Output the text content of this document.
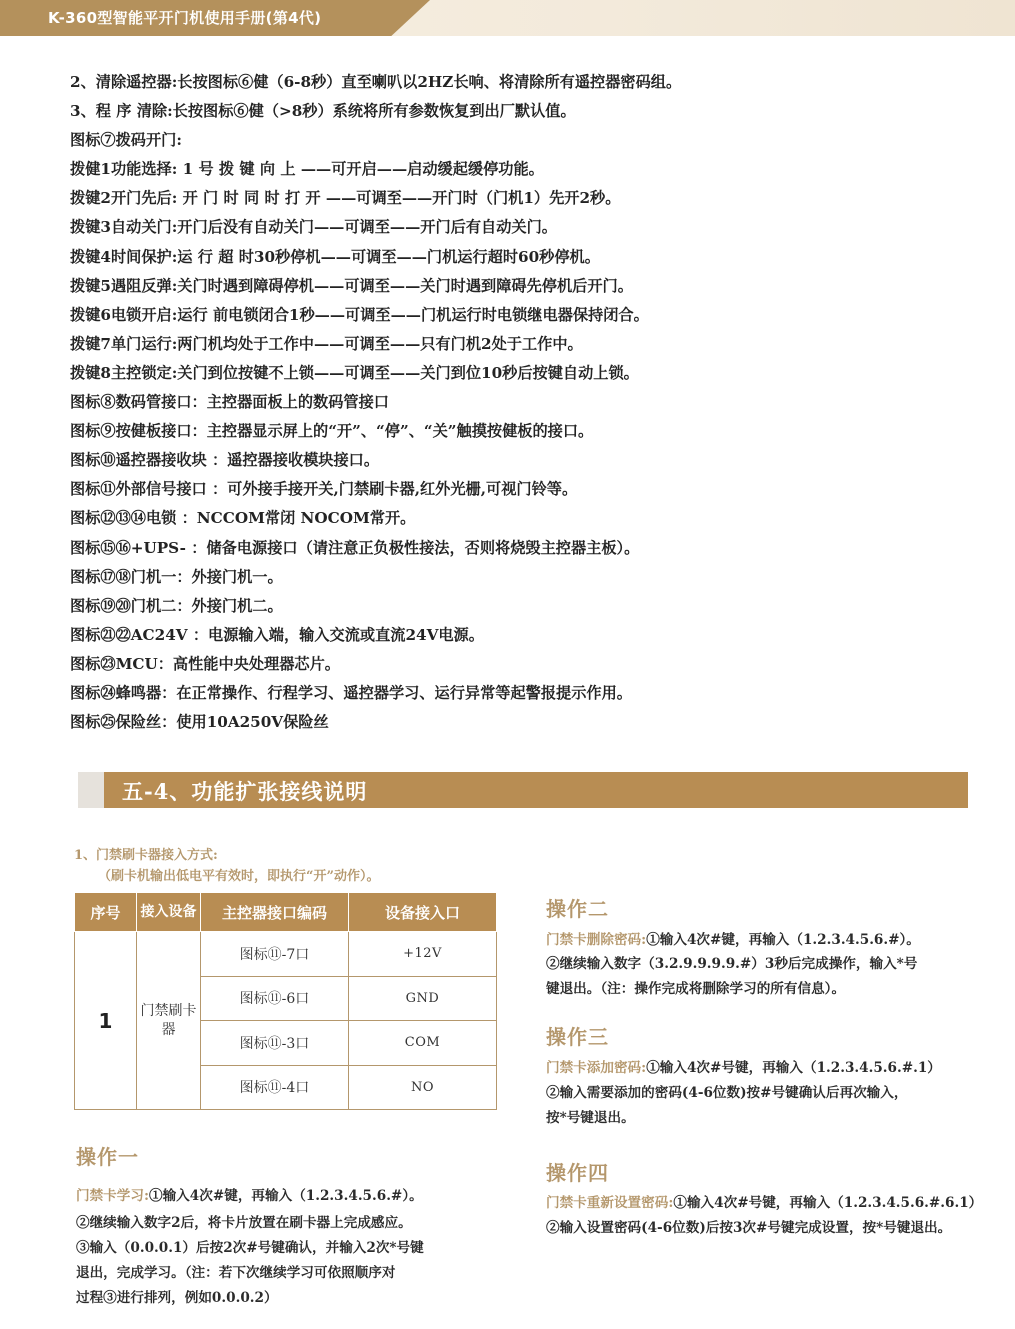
K-360型智能平开门机使用手册(第4代)
2、清除遥控器:长按图标⑥健（6-8秒）直至喇叭以2HZ长响、将清除所有遥控器密码组。
3、程 序 清除:长按图标⑥健（>8秒）系统将所有参数恢复到出厂默认值。
图标⑦拨码开门:
拨健1功能选择: 1 号 拨 键 向 上 ——可开启——启动缓起缓停功能。
拨键2开门先后: 开 门 时 同 时 打 开 ——可调至——开门时（门机1）先开2秒。
拨键3自动关门:开门后没有自动关门——可调至——开门后有自动关门。
拨键4时间保护:运 行 超 时30秒停机——可调至——门机运行超时60秒停机。
拨键5遇阻反弹:关门时遇到障碍停机——可调至——关门时遇到障碍先停机后开门。
拨键6电锁开启:运行 前电锁闭合1秒——可调至——门机运行时电锁继电器保持闭合。
拨键7单门运行:两门机均处于工作中——可调至——只有门机2处于工作中。
拨键8主控锁定:关门到位按键不上锁——可调至——关门到位10秒后按键自动上锁。
图标⑧数码管接口：主控器面板上的数码管接口
图标⑨按健板接口：主控器显示屏上的“开”、“停”、“关”触摸按健板的接口。
图标⑩遥控器接收块 ：遥控器接收模块接口。
图标⑪外部信号接口 ：可外接手接开关,门禁刷卡器,红外光栅,可视门铃等。
图标⑫⑬⑭电锁 ：NCCOM常闭 NOCOM常开。
图标⑮⑯+UPS- ：储备电源接口（请注意正负极性接法，否则将烧毁主控器主板）。
图标⑰⑱门机一：外接门机一。
图标⑲⑳门机二：外接门机二。
图标㉑㉒AC24V ：电源输入端，输入交流或直流24V电源。
图标㉓MCU：高性能中央处理器芯片。
图标㉔蜂鸣器：在正常操作、行程学习、遥控器学习、运行异常等起警报提示作用。
图标㉕保险丝：使用10A250V保险丝
五-4、功能扩张接线说明
1、门禁刷卡器接入方式:
（刷卡机输出低电平有效时，即执行“开”动作）。
序号	接入设备	主控器接口编码	设备接入口
1	门禁刷卡器	图标⑪-7口	+12V
		图标⑪-6口	GND
		图标⑪-3口	COM
		图标⑪-4口	NO
操作一
门禁卡学习:①输入4次#键，再输入（1.2.3.4.5.6.#）。
②继续输入数字2后，将卡片放置在刷卡器上完成感应。
③输入（0.0.0.1）后按2次#号键确认，并输入2次*号键
退出，完成学习。（注：若下次继续学习可依照顺序对
过程③进行排列，例如0.0.0.2）
操作二
门禁卡删除密码:①输入4次#键，再输入（1.2.3.4.5.6.#）。
②继续输入数字（3.2.9.9.9.9.#）3秒后完成操作，输入*号
键退出。（注：操作完成将删除学习的所有信息）。
操作三
门禁卡添加密码:①输入4次#号键，再输入（1.2.3.4.5.6.#.1）
②输入需要添加的密码(4-6位数)按#号键确认后再次输入，
按*号键退出。
操作四
门禁卡重新设置密码:①输入4次#号键，再输入（1.2.3.4.5.6.#.6.1）
②输入设置密码(4-6位数)后按3次#号键完成设置，按*号键退出。
